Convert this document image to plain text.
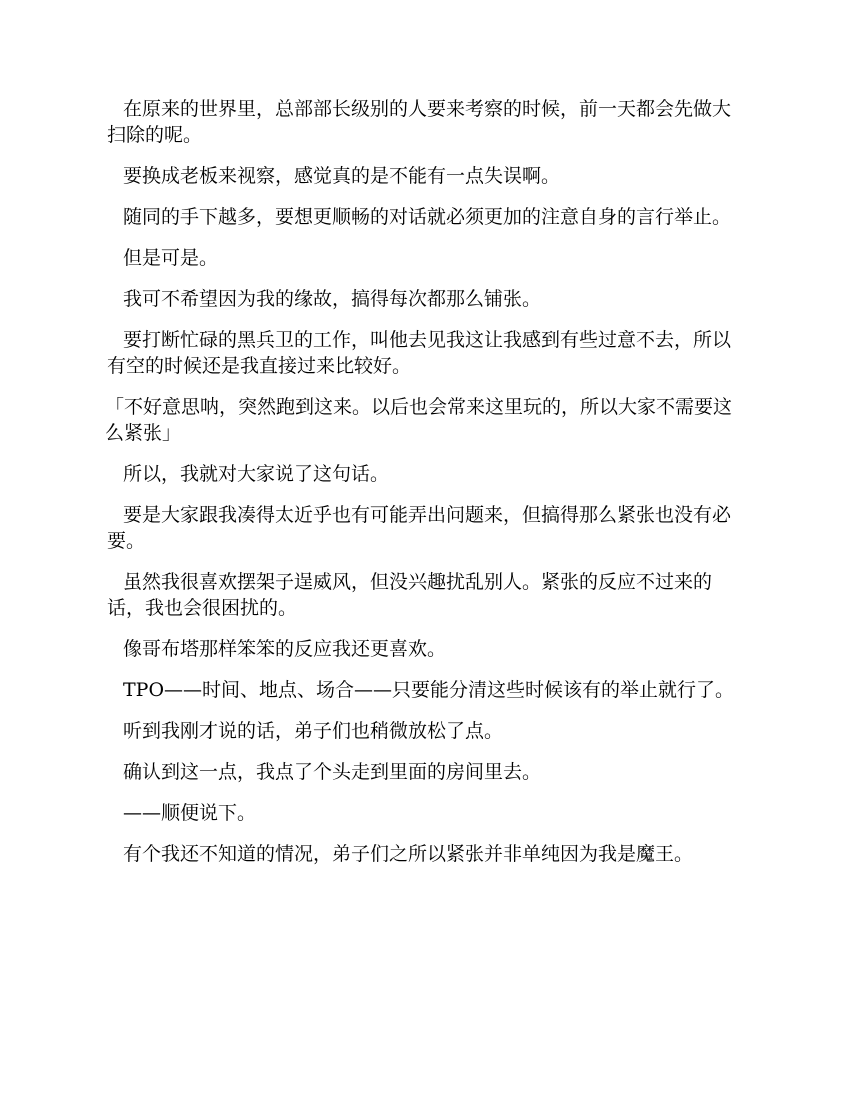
在原来的世界里，总部部长级别的人要来考察的时候，前一天都会先做大扫除的呢。

要换成老板来视察，感觉真的是不能有一点失误啊。

随同的手下越多，要想更顺畅的对话就必须更加的注意自身的言行举止。

但是可是。

我可不希望因为我的缘故，搞得每次都那么铺张。

要打断忙碌的黑兵卫的工作，叫他去见我这让我感到有些过意不去，所以有空的时候还是我直接过来比较好。

「不好意思呐，突然跑到这来。以后也会常来这里玩的，所以大家不需要这么紧张」

所以，我就对大家说了这句话。

要是大家跟我凑得太近乎也有可能弄出问题来，但搞得那么紧张也没有必要。

虽然我很喜欢摆架子逞威风，但没兴趣扰乱别人。紧张的反应不过来的话，我也会很困扰的。

像哥布塔那样笨笨的反应我还更喜欢。

TPO——时间、地点、场合——只要能分清这些时候该有的举止就行了。

听到我刚才说的话，弟子们也稍微放松了点。

确认到这一点，我点了个头走到里面的房间里去。

——顺便说下。

有个我还不知道的情况，弟子们之所以紧张并非单纯因为我是魔王。
